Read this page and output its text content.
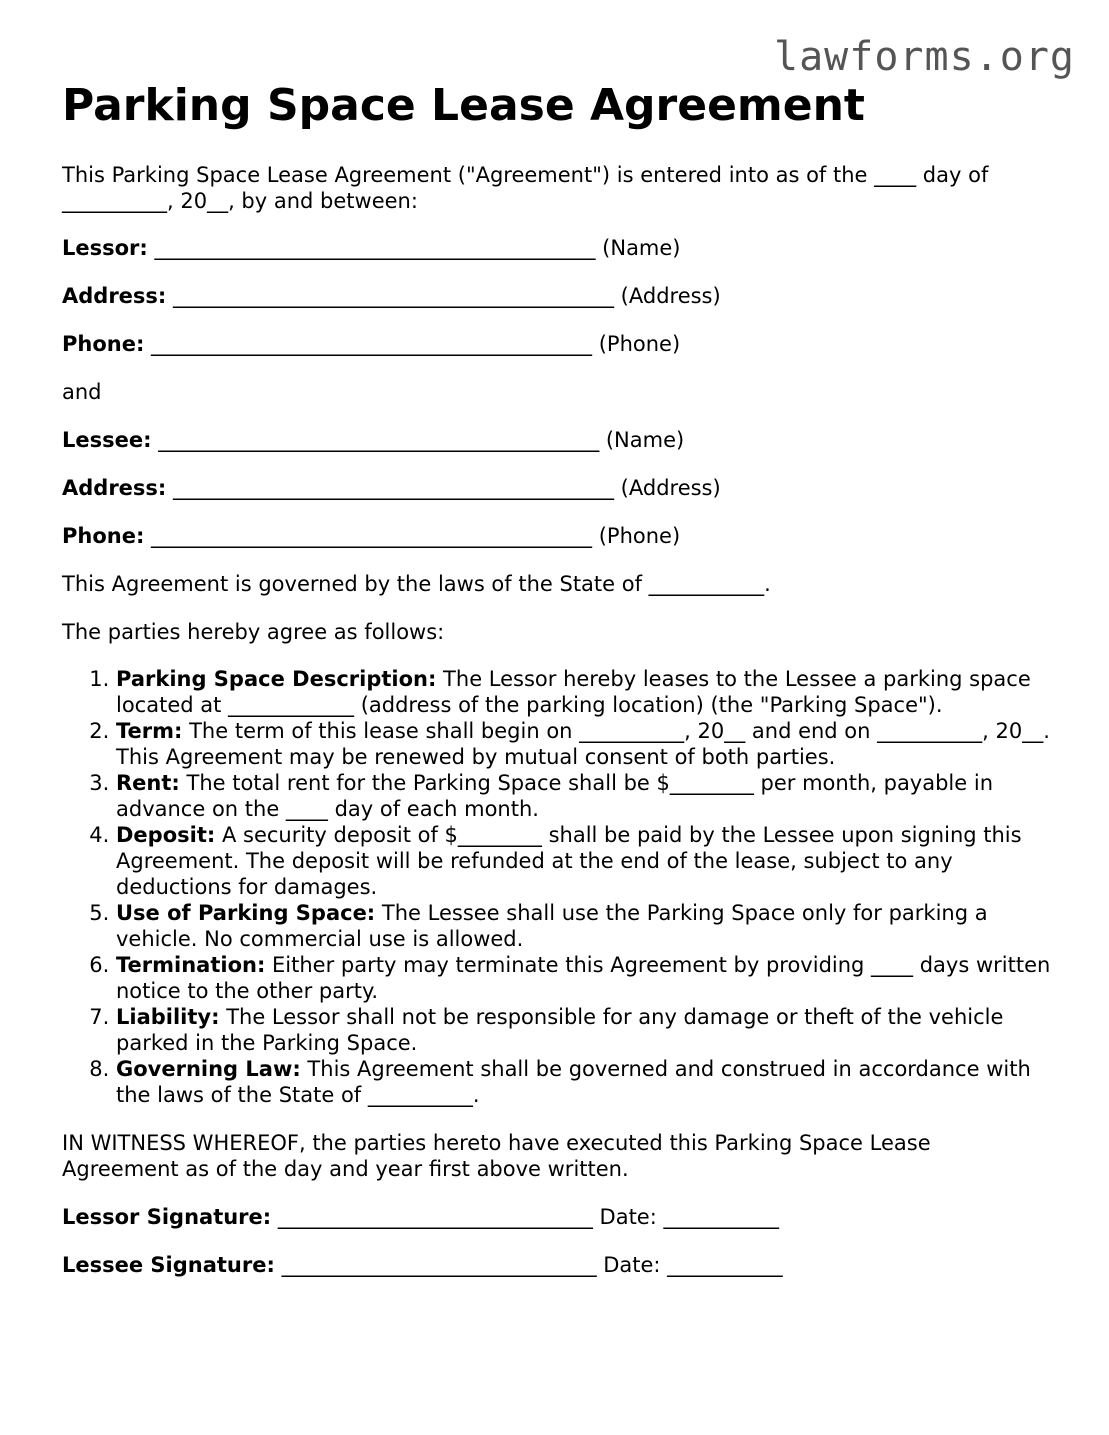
lawforms.org
Parking Space Lease Agreement

This Parking Space Lease Agreement ("Agreement") is entered into as of the ____ day of __________, 20__, by and between:

Lessor: __________________________________________ (Name)

Address: __________________________________________ (Address)

Phone: __________________________________________ (Phone)

and

Lessee: __________________________________________ (Name)

Address: __________________________________________ (Address)

Phone: __________________________________________ (Phone)

This Agreement is governed by the laws of the State of ___________.

The parties hereby agree as follows:

1. Parking Space Description: The Lessor hereby leases to the Lessee a parking space located at ____________ (address of the parking location) (the "Parking Space").
2. Term: The term of this lease shall begin on __________, 20__ and end on __________, 20__. This Agreement may be renewed by mutual consent of both parties.
3. Rent: The total rent for the Parking Space shall be $________ per month, payable in advance on the ____ day of each month.
4. Deposit: A security deposit of $________ shall be paid by the Lessee upon signing this Agreement. The deposit will be refunded at the end of the lease, subject to any deductions for damages.
5. Use of Parking Space: The Lessee shall use the Parking Space only for parking a vehicle. No commercial use is allowed.
6. Termination: Either party may terminate this Agreement by providing ____ days written notice to the other party.
7. Liability: The Lessor shall not be responsible for any damage or theft of the vehicle parked in the Parking Space.
8. Governing Law: This Agreement shall be governed and construed in accordance with the laws of the State of __________.

IN WITNESS WHEREOF, the parties hereto have executed this Parking Space Lease Agreement as of the day and year first above written.

Lessor Signature: ______________________________ Date: ___________

Lessee Signature: ______________________________ Date: ___________
